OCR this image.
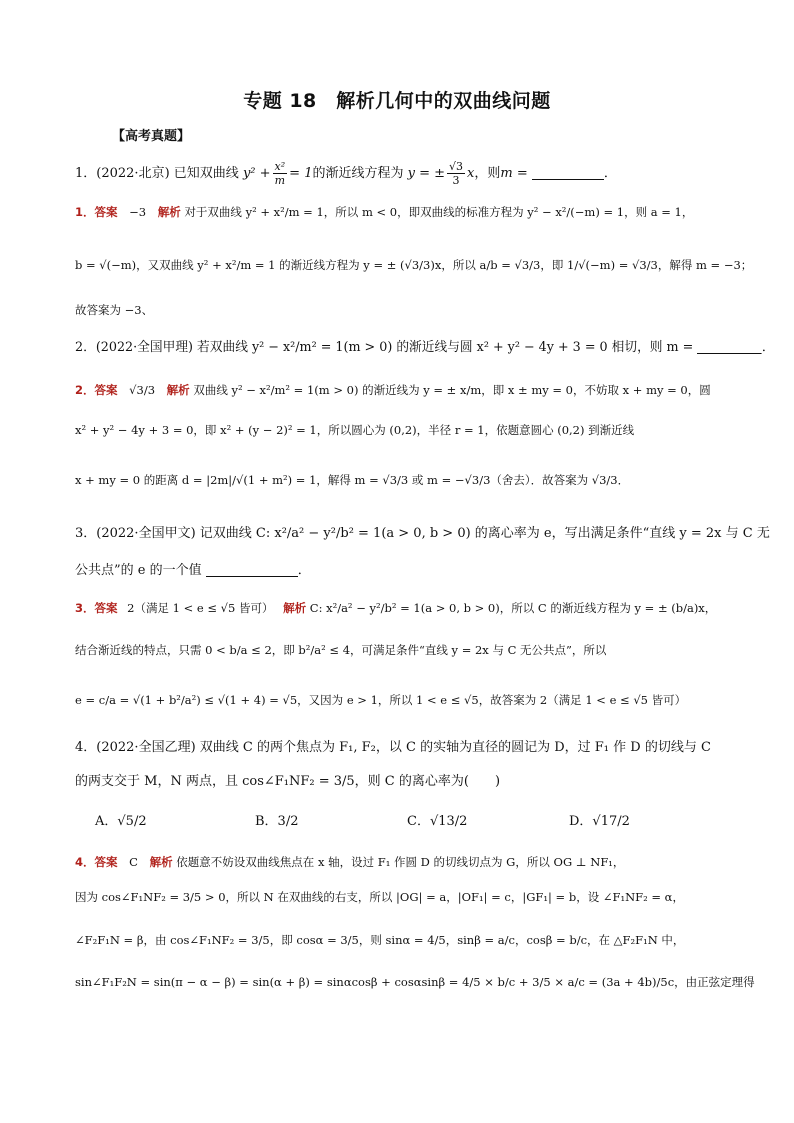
专题 18　解析几何中的双曲线问题
【高考真题】
1．(2022·北京) 已知双曲线 $y^2 + \frac{\text{x²}}{m} = 1$的渐近线方程为 y = ± $\frac{√3}{3}$ x，则m =	．
1．答案 −3 解析 对于双曲线 y² + x²/m = 1，所以 m < 0，即双曲线的标准方程为 y² − x²/(−m) = 1，则 a = 1，
b = √(−m)，又双曲线 y² + x²/m = 1 的渐近线方程为 y = ± (√3/3)x，所以 a/b = √3/3，即 1/√(−m) = √3/3，解得 m = −3；
故答案为 −3、
2．(2022·全国甲理) 若双曲线 y² − x²/m² = 1(m > 0) 的渐近线与圆 x² + y² − 4y + 3 = 0 相切，则 m =	．
2．答案 √3/3 解析 双曲线 y² − x²/m² = 1(m > 0) 的渐近线为 y = ± x/m，即 x ± my = 0，不妨取 x + my = 0，圆
x² + y² − 4y + 3 = 0，即 x² + (y − 2)² = 1，所以圆心为 (0,2)，半径 r = 1，依题意圆心 (0,2) 到渐近线
x + my = 0 的距离 d = |2m|/√(1 + m²) = 1，解得 m = √3/3 或 m = −√3/3（舍去）．故答案为 √3/3．
3．(2022·全国甲文) 记双曲线 C: x²/a² − y²/b² = 1(a > 0, b > 0) 的离心率为 e，写出满足条件“直线 y = 2x 与 C 无
公共点”的 e 的一个值	．
3．答案 2（满足 1 < e ≤ √5 皆可） 解析 C: x²/a² − y²/b² = 1(a > 0, b > 0)，所以 C 的渐近线方程为 y = ± (b/a)x，
结合渐近线的特点，只需 0 < b/a ≤ 2，即 b²/a² ≤ 4，可满足条件“直线 y = 2x 与 C 无公共点”，所以
e = c/a = √(1 + b²/a²) ≤ √(1 + 4) = √5，又因为 e > 1，所以 1 < e ≤ √5，故答案为 2（满足 1 < e ≤ √5 皆可）
4．(2022·全国乙理) 双曲线 C 的两个焦点为 F₁, F₂，以 C 的实轴为直径的圆记为 D，过 F₁ 作 D 的切线与 C
的两支交于 M，N 两点，且 cos∠F₁NF₂ = 3/5，则 C 的离心率为(　　)
A．√5/2	B．3/2	C．√13/2	D．√17/2
4．答案 C 解析 依题意不妨设双曲线焦点在 x 轴，设过 F₁ 作圆 D 的切线切点为 G，所以 OG ⊥ NF₁，
因为 cos∠F₁NF₂ = 3/5 > 0，所以 N 在双曲线的右支，所以 |OG| = a，|OF₁| = c，|GF₁| = b，设 ∠F₁NF₂ = α，
∠F₂F₁N = β，由 cos∠F₁NF₂ = 3/5，即 cosα = 3/5，则 sinα = 4/5，sinβ = a/c，cosβ = b/c，在 △F₂F₁N 中，
sin∠F₁F₂N = sin(π − α − β) = sin(α + β) = sinαcosβ + cosαsinβ = 4/5 × b/c + 3/5 × a/c = (3a + 4b)/5c，由正弦定理得
